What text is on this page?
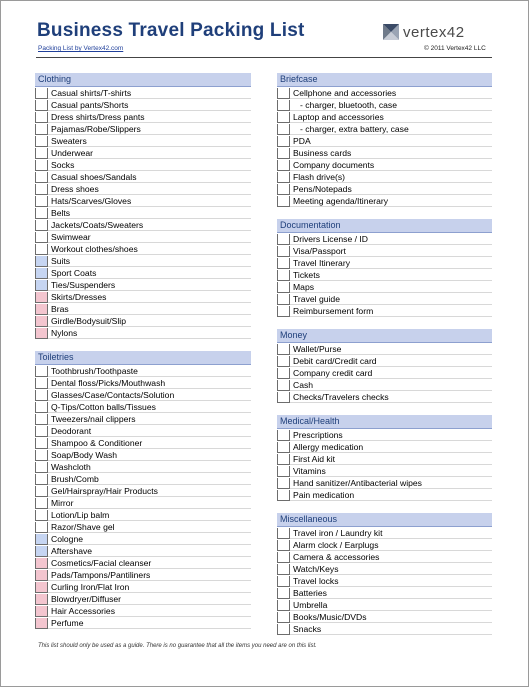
Business Travel Packing List
Packing List by Vertex42.com
vertex42
© 2011 Vertex42 LLC
Clothing
Casual shirts/T-shirts
Casual pants/Shorts
Dress shirts/Dress pants
Pajamas/Robe/Slippers
Sweaters
Underwear
Socks
Casual shoes/Sandals
Dress shoes
Hats/Scarves/Gloves
Belts
Jackets/Coats/Sweaters
Swimwear
Workout clothes/shoes
Suits
Sport Coats
Ties/Suspenders
Skirts/Dresses
Bras
Girdle/Bodysuit/Slip
Nylons
Toiletries
Toothbrush/Toothpaste
Dental floss/Picks/Mouthwash
Glasses/Case/Contacts/Solution
Q-Tips/Cotton balls/Tissues
Tweezers/nail clippers
Deodorant
Shampoo & Conditioner
Soap/Body Wash
Washcloth
Brush/Comb
Gel/Hairspray/Hair Products
Mirror
Lotion/Lip balm
Razor/Shave gel
Cologne
Aftershave
Cosmetics/Facial cleanser
Pads/Tampons/Pantiliners
Curling Iron/Flat Iron
Blowdryer/Diffuser
Hair Accessories
Perfume
Briefcase
Cellphone and accessories
- charger, bluetooth, case
Laptop and accessories
- charger, extra battery, case
PDA
Business cards
Company documents
Flash drive(s)
Pens/Notepads
Meeting agenda/Itinerary
Documentation
Drivers License / ID
Visa/Passport
Travel Itinerary
Tickets
Maps
Travel guide
Reimbursement form
Money
Wallet/Purse
Debit card/Credit card
Company credit card
Cash
Checks/Travelers checks
Medical/Health
Prescriptions
Allergy medication
First Aid kit
Vitamins
Hand sanitizer/Antibacterial wipes
Pain medication
Miscellaneous
Travel iron / Laundry kit
Alarm clock / Earplugs
Camera & accessories
Watch/Keys
Travel locks
Batteries
Umbrella
Books/Music/DVDs
Snacks
This list should only be used as a guide. There is no guarantee that all the items you need are on this list.
